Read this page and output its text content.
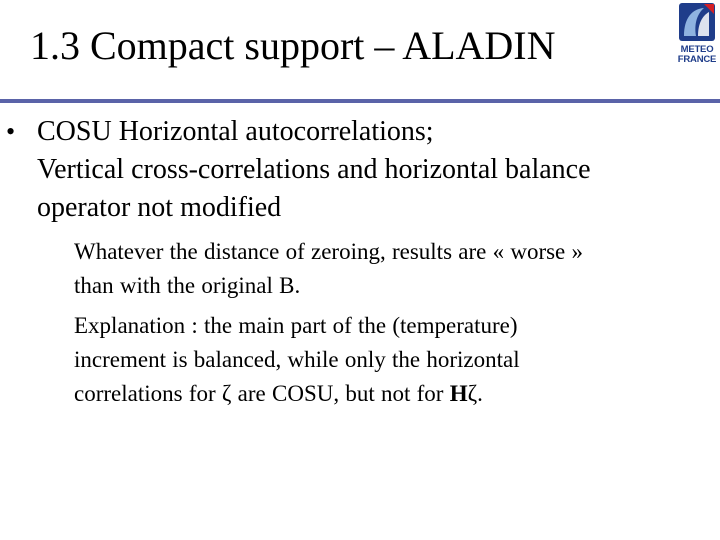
1.3 Compact support – ALADIN	METEO
FRANCE
• COSU Horizontal autocorrelations;
Vertical cross-correlations and horizontal balance
operator not modified
Whatever the distance of zeroing, results are « worse »
than with the original B.
Explanation : the main part of the (temperature)
increment is balanced, while only the horizontal
correlations for ζ are COSU, but not for Hζ.
